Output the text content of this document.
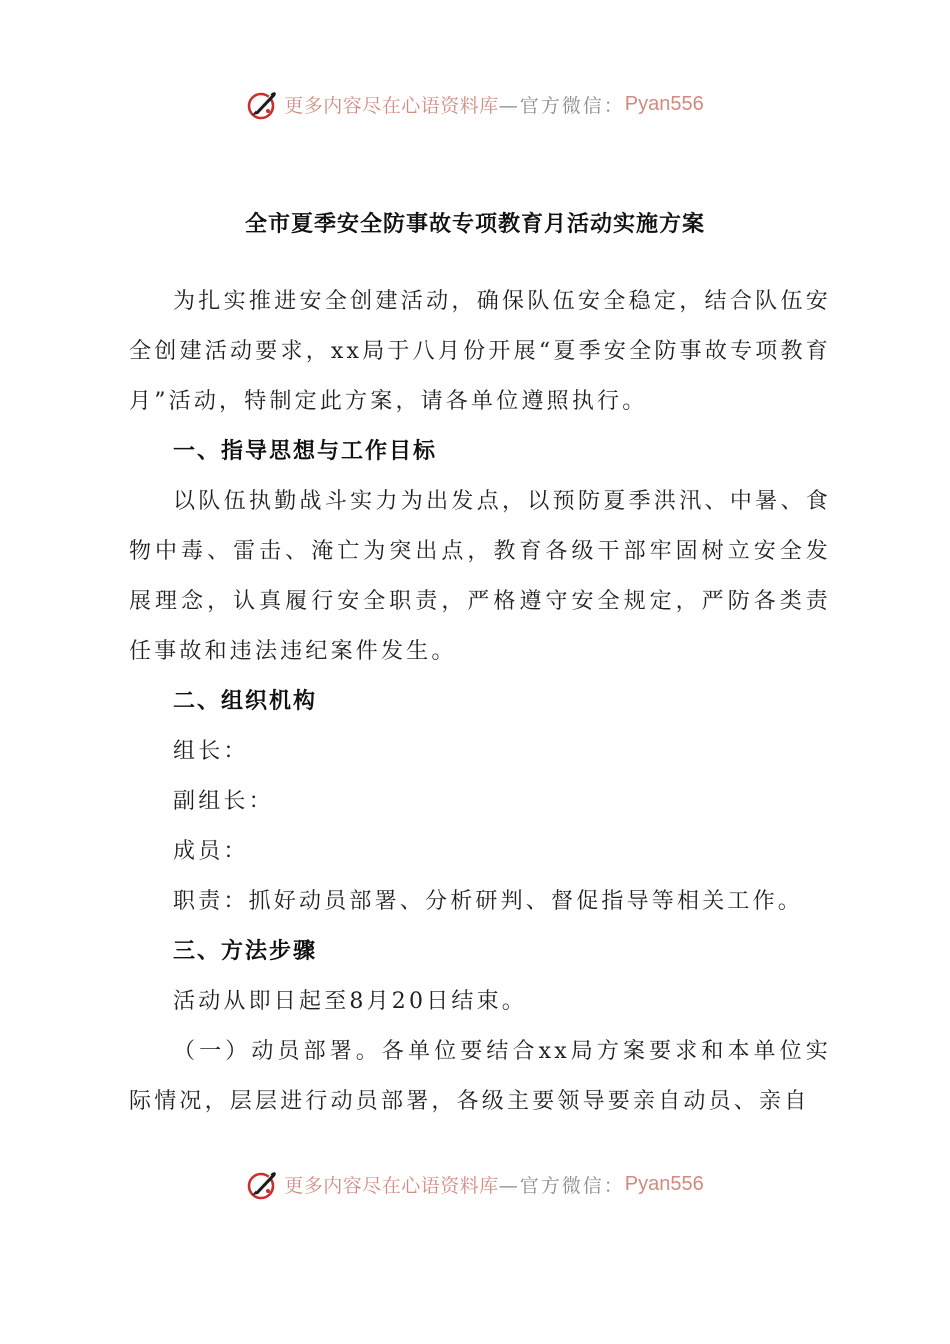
更多内容尽在心语资料库 —官方微信： Pyan556
全市夏季安全防事故专项教育月活动实施方案

为扎实推进安全创建活动，确保队伍安全稳定，结合队伍安全创建活动要求，xx局于八月份开展“夏季安全防事故专项教育月”活动，特制定此方案，请各单位遵照执行。

一、指导思想与工作目标

以队伍执勤战斗实力为出发点，以预防夏季洪汛、中暑、食物中毒、雷击、淹亡为突出点，教育各级干部牢固树立安全发展理念，认真履行安全职责，严格遵守安全规定，严防各类责任事故和违法违纪案件发生。

二、组织机构

组长：

副组长：

成员：

职责：抓好动员部署、分析研判、督促指导等相关工作。

三、方法步骤

活动从即日起至8月20日结束。

（一）动员部署。各单位要结合xx局方案要求和本单位实际情况，层层进行动员部署，各级主要领导要亲自动员、亲自

更多内容尽在心语资料库 —官方微信： Pyan556
